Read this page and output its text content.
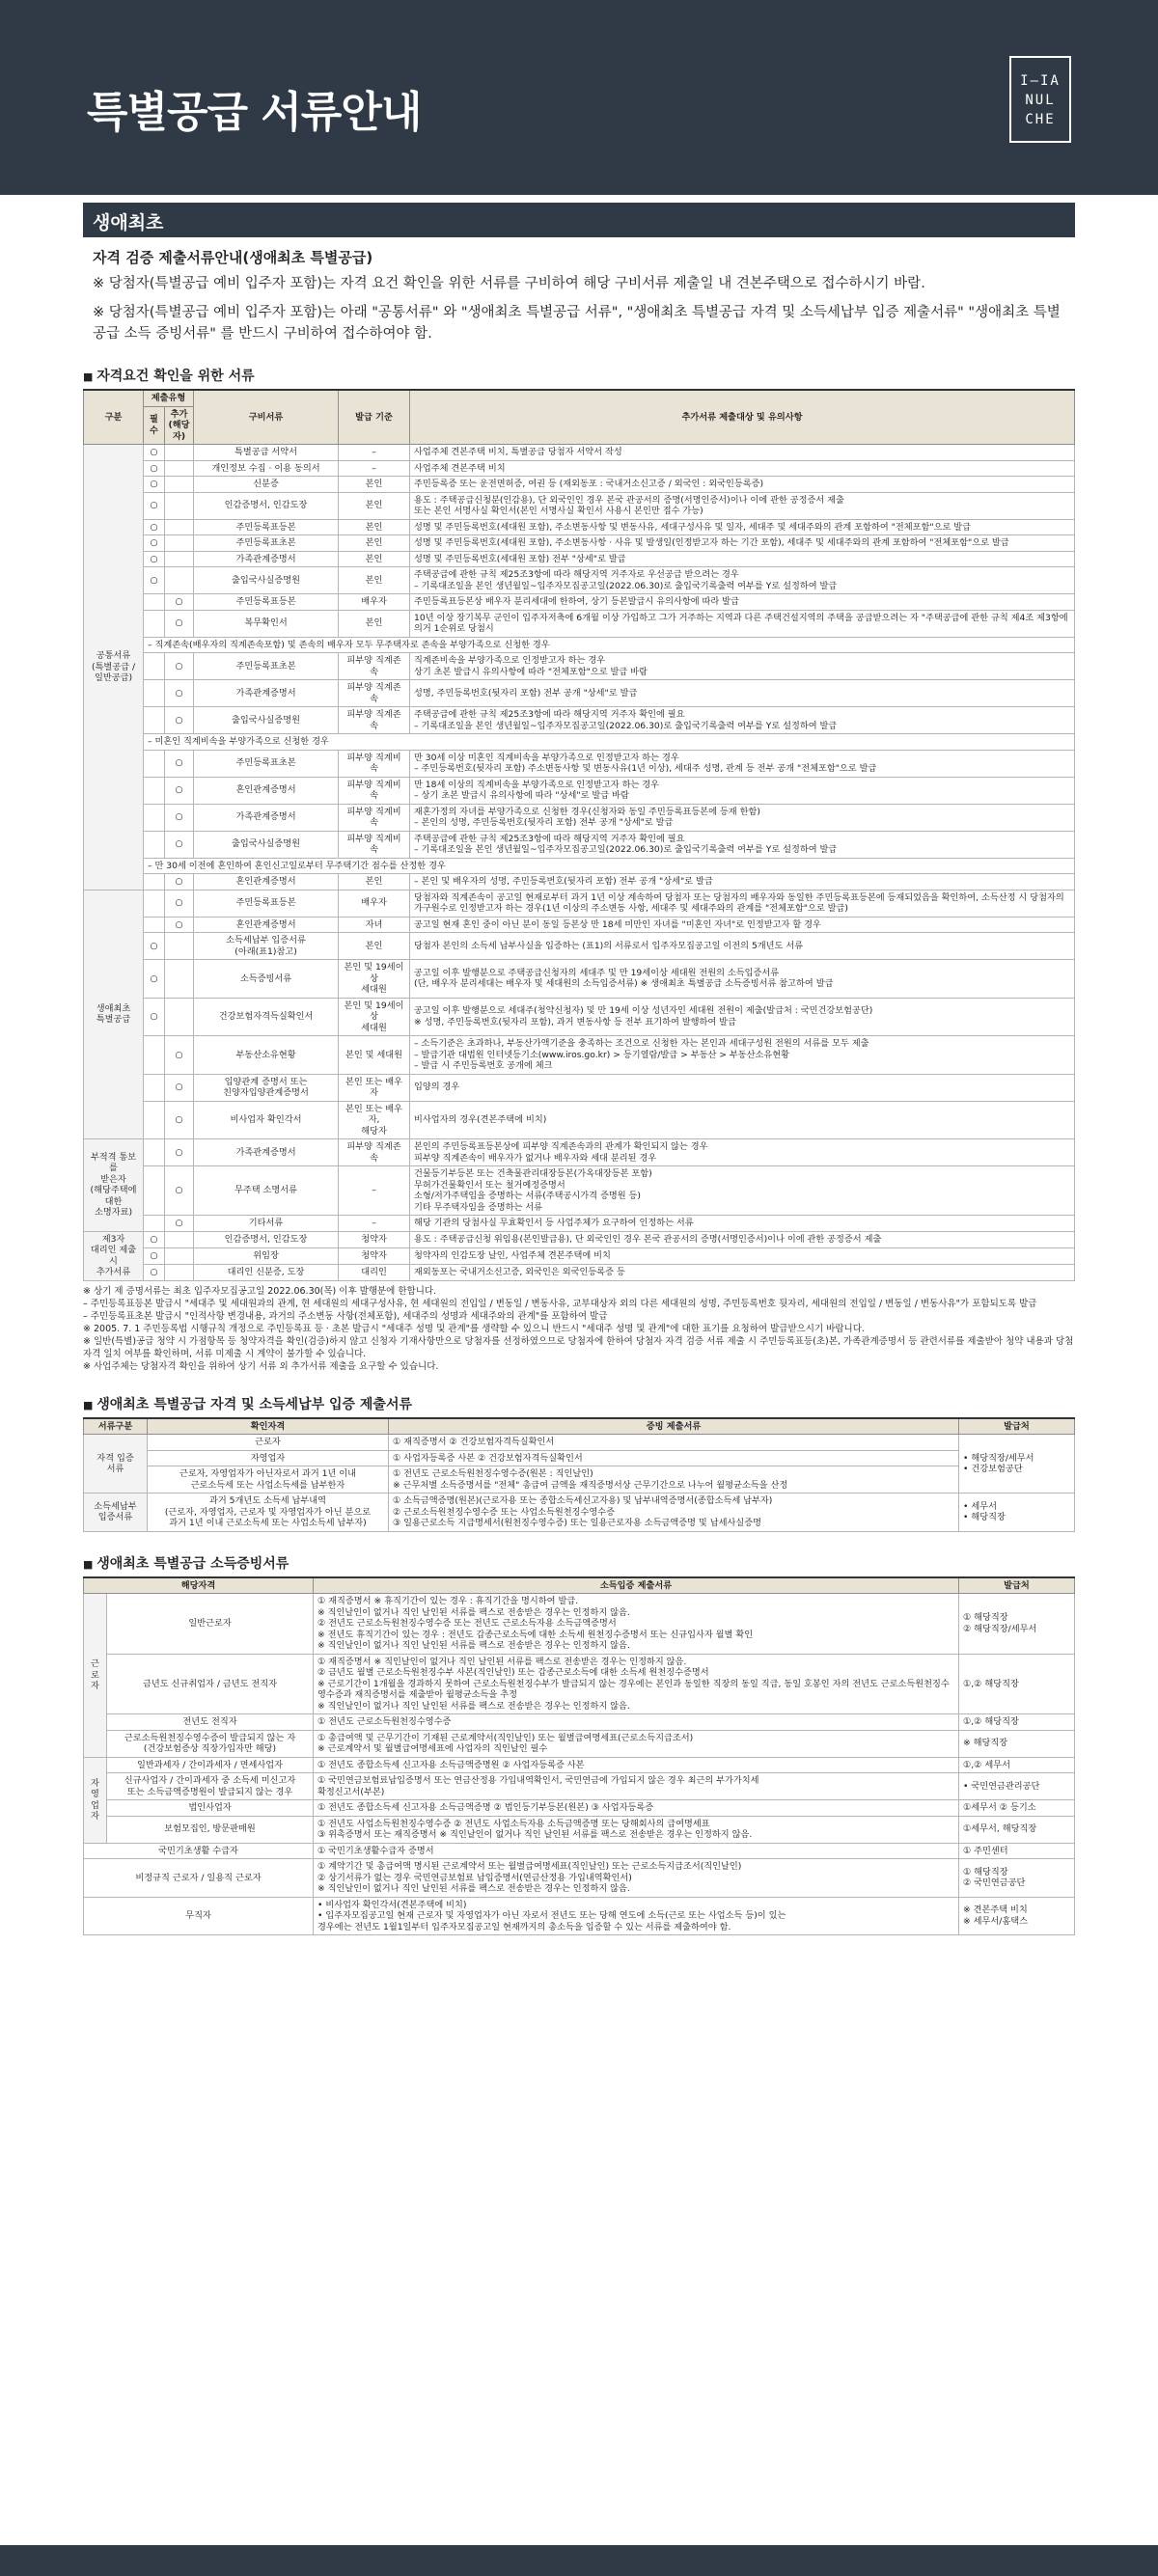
특별공급 서류안내
I—IA
NUL
CHE
생애최초
자격 검증 제출서류안내(생애최초 특별공급)
※ 당첨자(특별공급 예비 입주자 포함)는 자격 요건 확인을 위한 서류를 구비하여 해당 구비서류 제출일 내 견본주택으로 접수하시기 바람.
※ 당첨자(특별공급 예비 입주자 포함)는 아래 "공통서류" 와 "생애최초 특별공급 서류", "생애최초 특별공급 자격 및 소득세납부 입증 제출서류" "생애최초 특별공급 소득 증빙서류" 를 반드시 구비하여 접수하여야 함.
■ 자격요건 확인을 위한 서류
구분	제출유형		구비서류	발급 기준	추가서류 제출대상 및 유의사항
	필수	추가
(해당자)			
공통서류
(특별공급 /
일반공급)	○		특별공급 서약서	–	사업주체 견본주택 비치, 특별공급 당첨자 서약서 작성
	○		개인정보 수집 · 이용 동의서	–	사업주체 견본주택 비치
	○		신분증	본인	주민등록증 또는 운전면허증, 여권 등 (재외동포 : 국내거소신고증 / 외국인 : 외국인등록증)
	○		인감증명서, 인감도장	본인	용도 : 주택공급신청분(인감용), 단 외국인인 경우 본국 관공서의 증명(서명인증서)이나 이에 관한 공정증서 제출
또는 본인 서명사실 확인서(본인 서명사실 확인서 사용시 본인만 접수 가능)
	○		주민등록표등본	본인	성명 및 주민등록번호(세대원 포함), 주소변동사항 및 변동사유, 세대구성사유 및 일자, 세대주 및 세대주와의 관계 포함하여 "전체포함"으로 발급
	○		주민등록표초본	본인	성명 및 주민등록번호(세대원 포함), 주소변동사항 · 사유 및 발생일(인정받고자 하는 기간 포함), 세대주 및 세대주와의 관계 포함하여 "전체포함"으로 발급
	○		가족관계증명서	본인	성명 및 주민등록번호(세대원 포함) 전부 "상세"로 발급
	○		출입국사실증명원	본인	주택공급에 관한 규칙 제25조3항에 따라 해당지역 거주자로 우선공급 받으려는 경우
– 기록대조일을 본인 생년월일~입주자모집공고일(2022.06.30)로 출입국기록출력 여부를 Y로 설정하여 발급
		○	주민등록표등본	배우자	주민등록표등본상 배우자 분리세대에 한하여, 상기 등본발급시 유의사항에 따라 발급
		○	복무확인서	본인	10년 이상 장기복무 군인이 입주자저축에 6개월 이상 가입하고 그가 거주하는 지역과 다른 주택건설지역의 주택을 공급받으려는 자 "주택공급에 관한 규칙 제4조 제3항에 의거 1순위로 당첨시
	– 직계존속(배우자의 직계존속포함) 및 존속의 배우자 모두 무주택자로 존속을 부양가족으로 신청한 경우				
		○	주민등록표초본	피부양 직계존속	직계존비속을 부양가족으로 인정받고자 하는 경우
상기 초본 발급시 유의사항에 따라 "전체포함"으로 발급 바람
		○	가족관계증명서	피부양 직계존속	성명, 주민등록번호(뒷자리 포함) 전부 공개 "상세"로 발급
		○	출입국사실증명원	피부양 직계존속	주택공급에 관한 규칙 제25조3항에 따라 해당지역 거주자 확인에 필요
– 기록대조일을 본인 생년월일~입주자모집공고일(2022.06.30)로 출입국기록출력 여부를 Y로 설정하여 발급
	– 미혼인 직계비속을 부양가족으로 신청한 경우				
		○	주민등록표초본	피부양 직계비속	만 30세 이상 미혼인 직계비속을 부양가족으로 인정받고자 하는 경우
– 주민등록번호(뒷자리 포함) 주소변동사항 및 변동사유(1년 이상), 세대주 성명, 관계 등 전부 공개 "전체포함"으로 발급
		○	혼인관계증명서	피부양 직계비속	만 18세 이상의 직계비속을 부양가족으로 인정받고자 하는 경우
– 상기 초본 발급시 유의사항에 따라 "상세"로 발급 바람
		○	가족관계증명서	피부양 직계비속	재혼가정의 자녀를 부양가족으로 신청한 경우(신청자와 동일 주민등록표등본에 등재 한함)
– 본인의 성명, 주민등록번호(뒷자리 포함) 전부 공개 "상세"로 발급
		○	출입국사실증명원	피부양 직계비속	주택공급에 관한 규칙 제25조3항에 따라 해당지역 거주자 확인에 필요
– 기록대조일을 본인 생년월일~입주자모집공고일(2022.06.30)로 출입국기록출력 여부를 Y로 설정하여 발급
	– 만 30세 이전에 혼인하여 혼인신고일로부터 무주택기간 점수를 산정한 경우				
		○	혼인관계증명서	본인	– 본인 및 배우자의 성명, 주민등록번호(뒷자리 포함) 전부 공개 "상세"로 발급
생애최초
특별공급		○	주민등록표등본	배우자	당첨자와 직계존속이 공고일 현재로부터 과거 1년 이상 계속하여 당첨자 또는 당첨자의 배우자와 동일한 주민등록표등본에 등재되었음을 확인하여, 소득산정 시 당첨자의 가구원수로 인정받고자 하는 경우(1년 이상의 주소변동 사항, 세대주 및 세대주와의 관계를 "전체포함"으로 발급)
		○	혼인관계증명서	자녀	공고일 현재 혼인 중이 아닌 분이 동일 등본상 만 18세 미만인 자녀를 "미혼인 자녀"로 인정받고자 할 경우
	○		소득세납부 입증서류
(아래(표1)참고)	본인	당첨자 본인의 소득세 납부사실을 입증하는 (표1)의 서류로서 입주자모집공고일 이전의 5개년도 서류
	○		소득증빙서류	본인 및 19세이상
세대원	공고일 이후 발행분으로 주택공급신청자의 세대주 및 만 19세이상 세대원 전원의 소득입증서류
(단, 배우자 분리세대는 배우자 및 세대원의 소득입증서류) ※ 생애최초 특별공급 소득증빙서류 참고하여 발급
	○		건강보험자격득실확인서	본인 및 19세이상
세대원	공고일 이후 발행분으로 세대주(청약신청자) 및 만 19세 이상 성년자인 세대원 전원이 제출(발급처 : 국민건강보험공단)
※ 성명, 주민등록번호(뒷자리 포함), 과거 변동사항 등 전부 표기하여 발행하여 발급
		○	부동산소유현황	본인 및 세대원	– 소득기준은 초과하나, 부동산가액기준을 충족하는 조건으로 신청한 자는 본인과 세대구성원 전원의 서류를 모두 제출
– 발급기관 대법원 인터넷등기소(www.iros.go.kr) > 등기열람/발급 > 부동산 > 부동산소유현황
– 발급 시 주민등록번호 공개에 체크
		○	입양관계 증명서 또는
친양자입양관계증명서	본인 또는 배우자	입양의 경우
		○	비사업자 확인각서	본인 또는 배우자,
해당자	비사업자의 경우(견본주택에 비치)
부적격 통보를
받은자
(해당주택에
대한
소명자료)		○	가족관계증명서	피부양 직계존속	본인의 주민등록표등본상에 피부양 직계존속과의 관계가 확인되지 않는 경우
피부양 직계존속이 배우자가 없거나 배우자와 세대 분리된 경우
		○	무주택 소명서류	–	건물등기부등본 또는 건축물관리대장등본(가옥대장등본 포함)
무허가건물확인서 또는 철거예정증명서
소형/저가주택임을 증명하는 서류(주택공시가격 증명원 등)
기타 무주택자임을 증명하는 서류
		○	기타서류	–	해당 기관의 당첨사실 무효확인서 등 사업주체가 요구하여 인정하는 서류
제3자
대리인 제출시
추가서류	○		인감증명서, 인감도장	청약자	용도 : 주택공급신청 위임용(본인발급용), 단 외국인인 경우 본국 관공서의 증명(서명인증서)이나 이에 관한 공정증서 제출
	○		위임장	청약자	청약자의 인감도장 날인, 사업주체 견본주택에 비치
	○		대리인 신분증, 도장	대리인	재외동포는 국내거소신고증, 외국인은 외국인등록증 등
※ 상기 제 증명서류는 최초 입주자모집공고일 2022.06.30(목) 이후 발행분에 한합니다.
– 주민등록표등본 발급시 "세대주 및 세대원과의 관계, 현 세대원의 세대구성사유, 현 세대원의 전입일 / 변동일 / 변동사유, 교부대상자 외의 다른 세대원의 성명, 주민등록번호 뒷자리, 세대원의 전입일 / 변동일 / 변동사유"가 포함되도록 발급
– 주민등록표초본 발급시 "인적사항 변경내용, 과거의 주소변동 사항(전체포함), 세대주의 성명과 세대주와의 관계"를 포함하여 발급
※ 2005. 7. 1 주민등록법 시행규칙 개정으로 주민등록표 등 · 초본 발급시 "세대주 성명 및 관계"를 생략할 수 있으니 반드시 "세대주 성명 및 관계"에 대한 표기를 요청하여 발급받으시기 바랍니다.
※ 일반(특별)공급 청약 시 가점항목 등 청약자격을 확인(검증)하지 않고 신청자 기재사항만으로 당첨자를 선정하였으므로 당첨자에 한하여 당첨자 자격 검증 서류 제출 시 주민등록표등(초)본, 가족관계증명서 등 관련서류를 제출받아 청약 내용과 당첨자격 일치 여부를 확인하며, 서류 미제출 시 계약이 불가할 수 있습니다.
※ 사업주체는 당첨자격 확인을 위하여 상기 서류 외 추가서류 제출을 요구할 수 있습니다.
■ 생애최초 특별공급 자격 및 소득세납부 입증 제출서류
서류구분	확인자격	증빙 제출서류	발급처
자격 입증
서류	근로자	① 재직증명서 ② 건강보험자격득실확인서	• 해당직장/세무서
• 건강보험공단
	자영업자	① 사업자등록증 사본 ② 건강보험자격득실확인서	
	근로자, 자영업자가 아닌자로서 과거 1년 이내
근로소득세 또는 사업소득세를 납부한자	① 전년도 근로소득원천징수영수증(원본 : 직인날인)
※ 근무처별 소득증명서를 "전체" 총급여 금액을 재직증명서상 근무기간으로 나누어 월평균소득을 산정	
소득세납부
입증서류	과거 5개년도 소득세 납부내역
(근로자, 자영업자, 근로자 및 자영업자가 아닌 분으로
과거 1년 이내 근로소득세 또는 사업소득세 납부자)	① 소득금액증명(원본)(근로자용 또는 종합소득세신고자용) 및 납부내역증명서(종합소득세 납부자)
② 근로소득원천징수영수증 또는 사업소득원천징수영수증
③ 일용근로소득 지급명세서(원천징수영수증) 또는 일용근로자용 소득금액증명 및 납세사실증명	• 세무서
• 해당직장
■ 생애최초 특별공급 소득증빙서류
해당자격		소득입증 제출서류	발급처
근로자	일반근로자	① 재직증명서 ※ 휴직기간이 있는 경우 : 휴직기간을 명시하여 발급.
※ 직인날인이 없거나 직인 날인된 서류를 팩스로 전송받은 경우는 인정하지 않음.
② 전년도 근로소득원천징수영수증 또는 전년도 근로소득자용 소득금액증명서
※ 전년도 휴직기간이 있는 경우 : 전년도 갑종근로소득에 대한 소득세 원천징수증명서 또는 신규입사자 월별 확인
※ 직인날인이 없거나 직인 날인된 서류를 팩스로 전송받은 경우는 인정하지 않음.	① 해당직장
② 해당직장/세무서
	금년도 신규취업자 / 금년도 전직자	① 재직증명서 ※ 직인날인이 없거나 직인 날인된 서류를 팩스로 전송받은 경우는 인정하지 않음.
② 금년도 월별 근로소득원천징수부 사본(직인날인) 또는 갑종근로소득에 대한 소득세 원천징수증명서
※ 근로기간이 1개월을 경과하지 못하여 근로소득원천징수부가 발급되지 않는 경우에는 본인과 동일한 직장의 동일 직급, 동일 호봉인 자의 전년도 근로소득원천징수영수증과 재직증명서를 제출받아 월평균소득을 추정
※ 직인날인이 없거나 직인 날인된 서류를 팩스로 전송받은 경우는 인정하지 않음.	①,② 해당직장
	전년도 전직자	① 전년도 근로소득원천징수영수증	①,② 해당직장
	근로소득원천징수영수증이 발급되지 않는 자
(건강보험증상 직장가입자만 해당)	① 총급여액 및 근무기간이 기재된 근로계약서(직인날인) 또는 월별급여명세표(근로소득지급조서)
※ 근로계약서 및 월별급여명세표에 사업자의 직인날인 필수	※ 해당직장
자영업자	일반과세자 / 간이과세자 / 면세사업자	① 전년도 종합소득세 신고자용 소득금액증명원 ② 사업자등록증 사본	①,② 세무서
	신규사업자 / 간이과세자 중 소득세 미신고자
또는 소득금액증명원이 발급되지 않는 경우	① 국민연금보험료납입증명서 또는 연금산정용 가입내역확인서, 국민연금에 가입되지 않은 경우 최근의 부가가치세
확정신고서(부본)	• 국민연금관리공단
	법인사업자	① 전년도 종합소득세 신고자용 소득금액증명 ② 법인등기부등본(원본) ③ 사업자등록증	①세무서 ② 등기소
	보험모집인, 방문판매원	① 전년도 사업소득원천징수영수증 ② 전년도 사업소득자용 소득금액증명 또는 당해회사의 급여명세표
③ 위촉증명서 또는 재직증명서 ※ 직인날인이 없거나 직인 날인된 서류를 팩스로 전송받은 경우는 인정하지 않음.	①세무서, 해당직장
국민기초생활 수급자		① 국민기초생활수급자 증명서	① 주민센터
비정규직 근로자 / 일용직 근로자		① 계약기간 및 총급여액 명시된 근로계약서 또는 월별급여명세표(직인날인) 또는 근로소득지급조서(직인날인)
② 상기서류가 없는 경우 국민연금보험료 납입증명서(연금산정용 가입내역확인서)
※ 직인날인이 없거나 직인 날인된 서류를 팩스로 전송받은 경우는 인정하지 않음.	① 해당직장
② 국민연금공단
무직자		• 비사업자 확인각서(견본주택에 비치)
• 입주자모집공고일 현재 근로자 및 자영업자가 아닌 자로서 전년도 또는 당해 연도에 소득(근로 또는 사업소득 등)이 있는
경우에는 전년도 1월1일부터 입주자모집공고일 현재까지의 총소득을 입증할 수 있는 서류를 제출하여야 함.	※ 견본주택 비치
※ 세무서/홈택스
